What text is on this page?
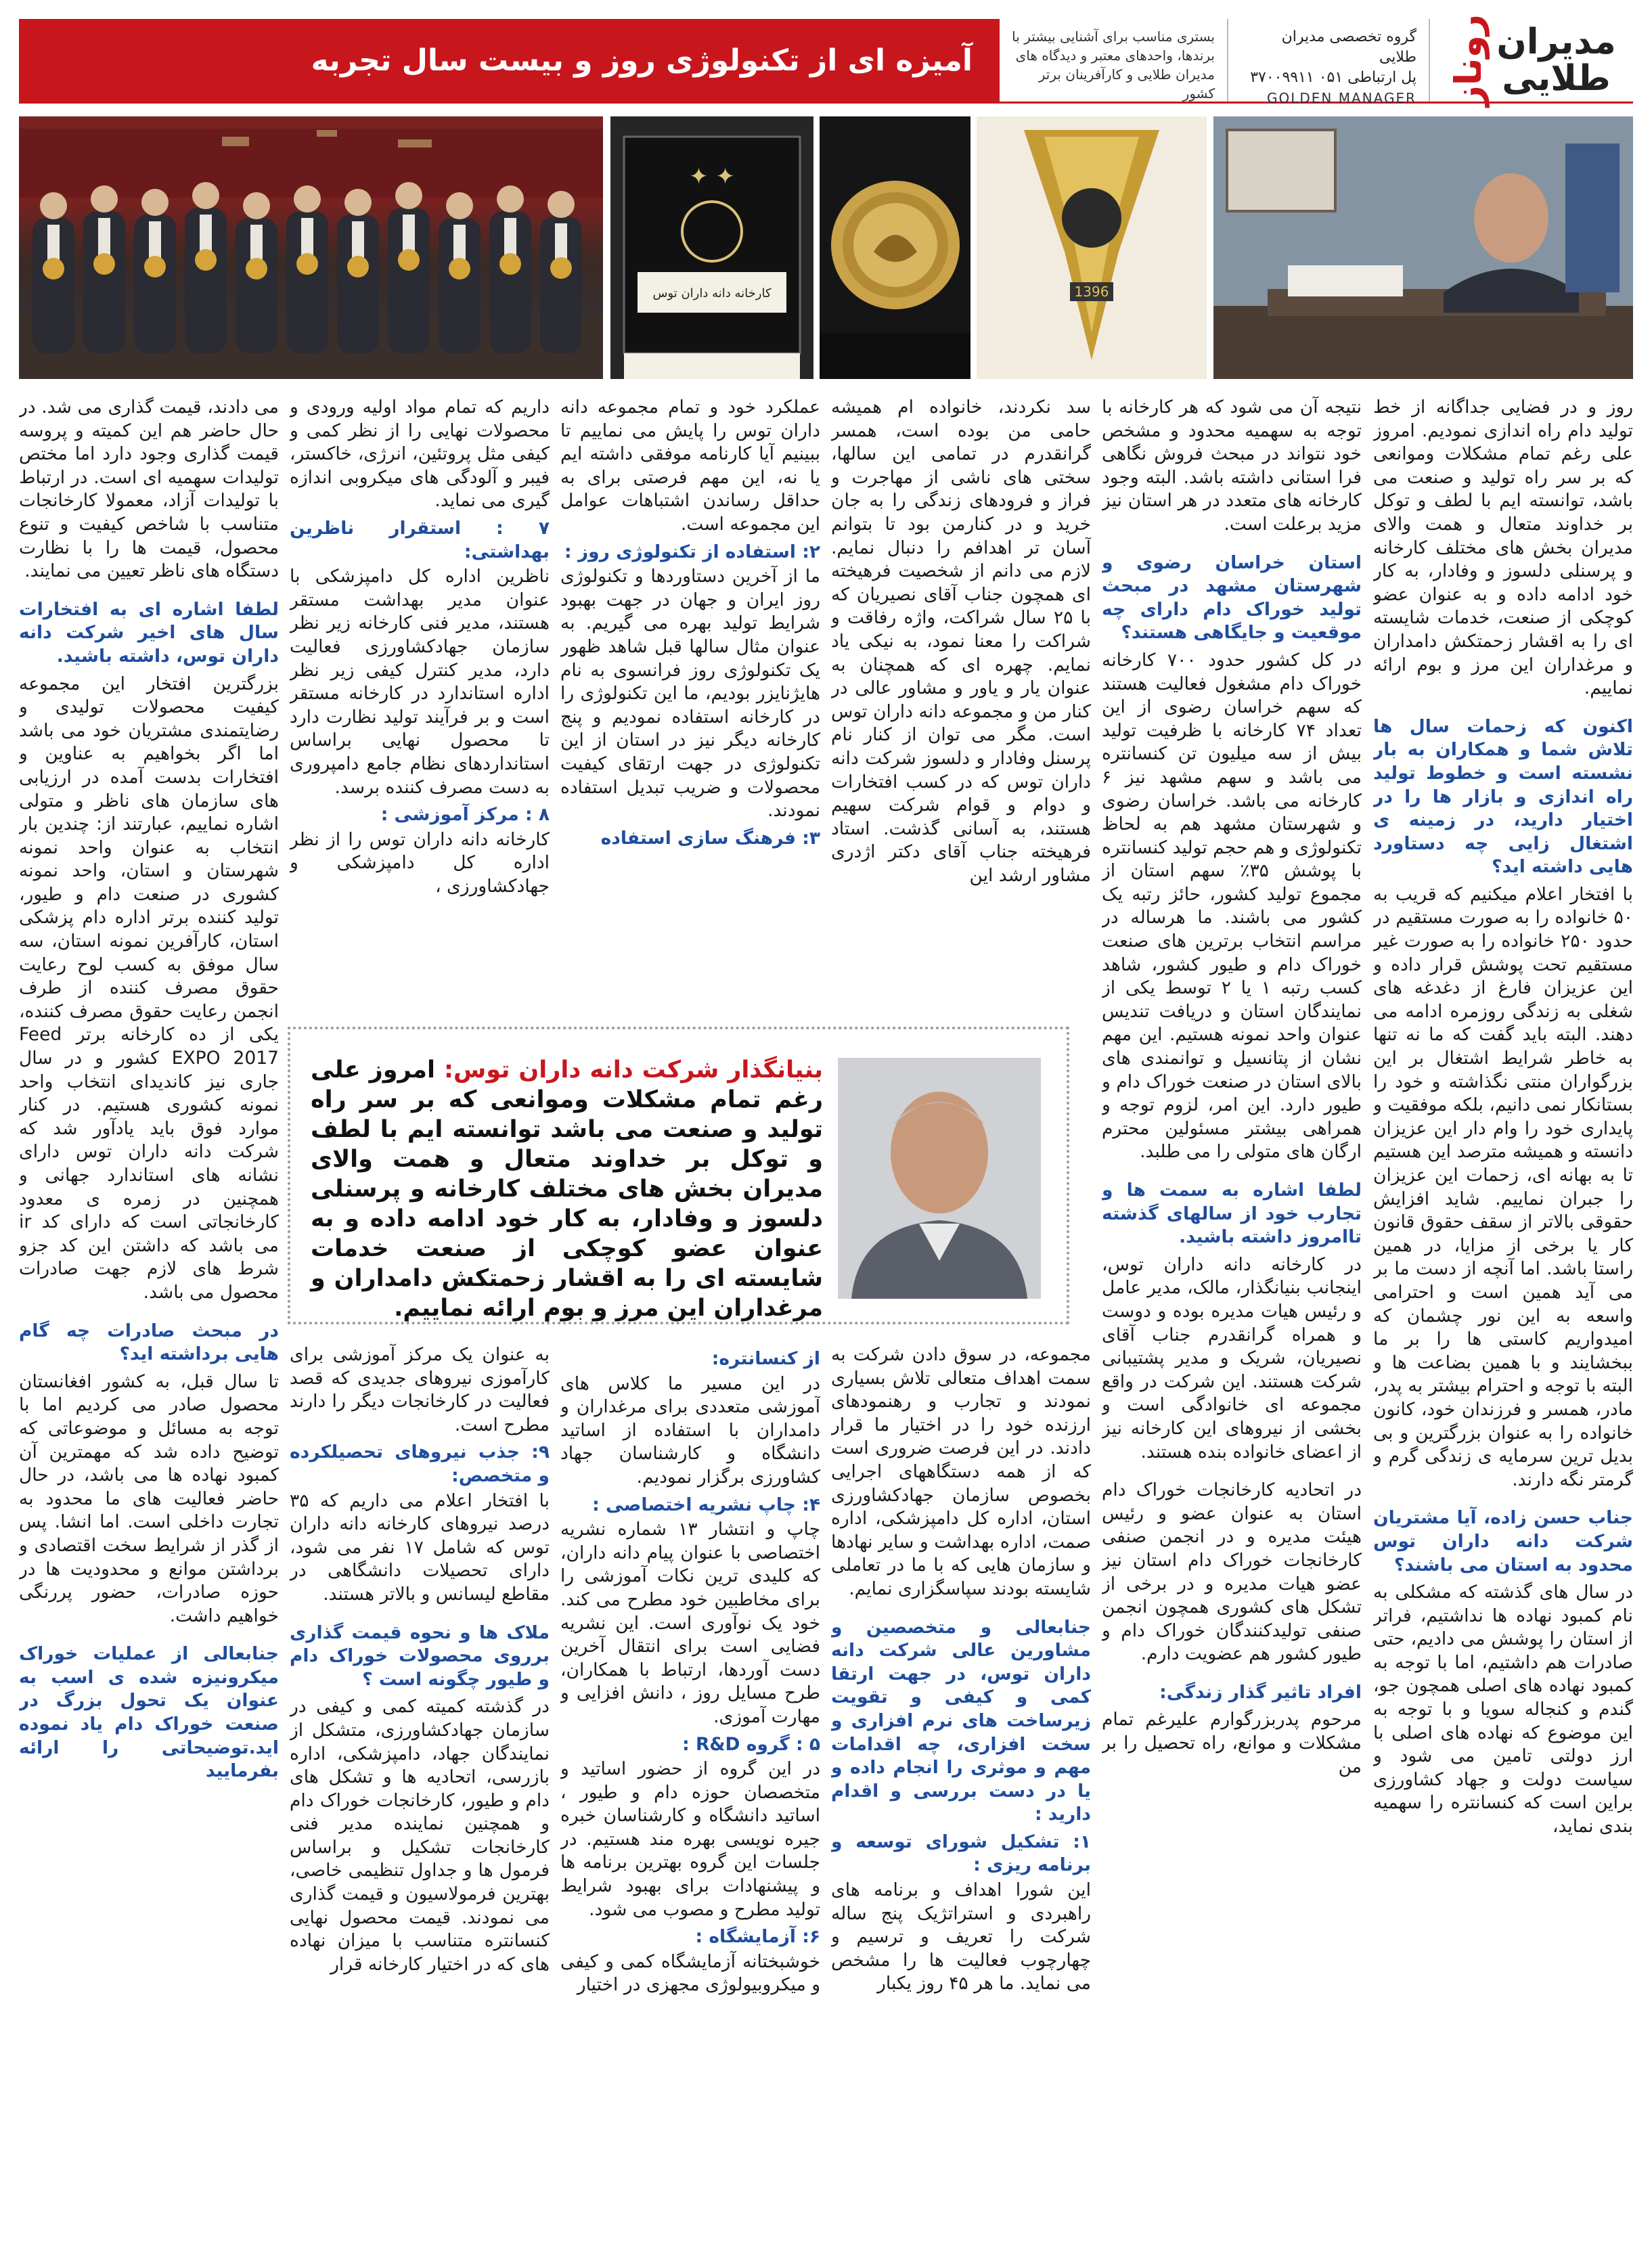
روناز مدیران
طلایی
گروه تخصصی مدیران طلایی
پل ارتباطی ۰۵۱ ۳۷۰۰۹۹۱۱
GOLDEN MANAGER
بستری مناسب برای آشنایی بیشتر با
برندها، واحدهای معتبر و دیدگاه های
مدیران طلایی و کارآفرینان برتر کشور
آمیزه ای از تکنولوژی روز و بیست سال تجربه
✦ ✦
کارخانه دانه داران توس	1396

روز و در فضایی جداگانه از خط تولید دام راه اندازی نمودیم. امروز علی رغم تمام مشکلات وموانعی که بر سر راه تولید و صنعت می باشد، توانسته ایم با لطف و توکل بر خداوند متعال و همت والای مدیران بخش های مختلف کارخانه و پرسنلی دلسوز و وفادار، به کار خود ادامه داده و به عنوان عضو کوچکی از صنعت، خدمات شایسته ای را به اقشار زحمتکش دامداران و مرغداران این مرز و بوم ارائه نماییم.

اکنون که زحمات سال ها تلاش شما و همکاران به بار نشسته است و خطوط تولید راه اندازی و بازار ها را در اختیار دارید، در زمینه ی اشتغال زایی چه دستاورد هایی داشته اید؟

با افتخار اعلام میکنیم که قریب به ۵۰ خانواده را به صورت مستقیم در حدود ۲۵۰ خانواده را به صورت غیر مستقیم تحت پوشش قرار داده و این عزیزان فارغ از دغدغه های شغلی به زندگی روزمره ادامه می دهند. البته باید گفت که ما نه تنها به خاطر شرایط اشتغال بر این بزرگواران منتی نگذاشته و خود را بستانکار نمی دانیم، بلکه موفقیت و پایداری خود را وام دار این عزیزان دانسته و همیشه مترصد این هستیم تا به بهانه ای، زحمات این عزیزان را جبران نماییم. شاید افزایش حقوقی بالاتر از سقف حقوق قانون کار یا برخی از مزایا، در همین راستا باشد. اما آنچه از دست ما بر می آید همین است و احترامی واسعه به این نور چشمان که امیدواریم کاستی ها را بر ما ببخشایند و با همین بضاعت ها و البته با توجه و احترام بیشتر به پدر، مادر، همسر و فرزندان خود، کانون خانواده را به عنوان بزرگترین و بی بدیل ترین سرمایه ی زندگی گرم و گرمتر نگه دارند.

جناب حسن زاده، آیا مشتریان شرکت دانه داران توس محدود به استان می باشند؟

در سال های گذشته که مشکلی به نام کمبود نهاده ها نداشتیم، فراتر از استان را پوشش می دادیم، حتی صادرات هم داشتیم، اما با توجه به کمبود نهاده های اصلی همچون جو، گندم و کنجاله سویا و با توجه به این موضوع که نهاده های اصلی با ارز دولتی تامین می شود و سیاست دولت و جهاد کشاورزی براین است که کنسانتره را سهمیه بندی نماید،

نتیجه آن می شود که هر کارخانه با توجه به سهمیه محدود و مشخص خود نتواند در مبحث فروش نگاهی فرا استانی داشته باشد. البته وجود کارخانه های متعدد در هر استان نیز مزید برعلت است.

استان خراسان رضوی و شهرستان مشهد در مبحث تولید خوراک دام دارای چه موقعیت و جایگاهی هستند؟

در کل کشور حدود ۷۰۰ کارخانه خوراک دام مشغول فعالیت هستند که سهم خراسان رضوی از این تعداد ۷۴ کارخانه با ظرفیت تولید بیش از سه میلیون تن کنسانتره می باشد و سهم مشهد نیز ۶ کارخانه می باشد. خراسان رضوی و شهرستان مشهد هم به لحاظ تکنولوژی و هم حجم تولید کنسانتره با پوشش ۳۵٪ سهم استان از مجموع تولید کشور، حائز رتبه یک کشور می باشند. ما هرساله در مراسم انتخاب برترین های صنعت خوراک دام و طیور کشور، شاهد کسب رتبه ۱ یا ۲ توسط یکی از نمایندگان استان و دریافت تندیس عنوان واحد نمونه هستیم. این مهم نشان از پتانسیل و توانمندی های بالای استان در صنعت خوراک دام و طیور دارد. این امر، لزوم توجه و همراهی بیشتر مسئولین محترم ارگان های متولی را می طلبد.

لطفا اشاره به سمت ها و تجارب خود از سالهای گذشته تاامروز داشته باشید.

در کارخانه دانه داران توس، اینجانب بنیانگذار، مالک، مدیر عامل و رئیس هیات مدیره بوده و دوست و همراه گرانقدرم جناب آقای نصیریان، شریک و مدیر پشتیبانی شرکت هستند. این شرکت در واقع مجموعه ای خانوادگی است و بخشی از نیروهای این کارخانه نیز از اعضای خانواده بنده هستند.

در اتحادیه کارخانجات خوراک دام استان به عنوان عضو و رئیس هیئت مدیره و در انجمن صنفی کارخانجات خوراک دام استان نیز عضو هیات مدیره و در برخی از تشکل های کشوری همچون انجمن صنفی تولیدکنندگان خوراک دام و طیور کشور هم عضویت دارم.

افراد تاثیر گذار زندگی:

مرحوم پدربزرگوارم علیرغم تمام مشکلات و موانع، راه تحصیل را بر من

سد نکردند، خانواده ام همیشه حامی من بوده است، همسر گرانقدرم در تمامی این سالها، سختی های ناشی از مهاجرت و فراز و فرودهای زندگی را به جان خرید و در کنارمن بود تا بتوانم آسان تر اهدافم را دنبال نمایم. لازم می دانم از شخصیت فرهیخته ای همچون جناب آقای نصیریان که با ۲۵ سال شراکت، واژه رفاقت و شراکت را معنا نمود، به نیکی یاد نمایم. چهره ای که همچنان به عنوان یار و یاور و مشاور عالی در کنار من و مجموعه دانه داران توس است. مگر می توان از کنار نام پرسنل وفادار و دلسوز شرکت دانه داران توس که در کسب افتخارات و دوام و قوام شرکت سهیم هستند، به آسانی گذشت. استاد فرهیخته جناب آقای دکتر اژدری مشاور ارشد این

مجموعه، در سوق دادن شرکت به سمت اهداف متعالی تلاش بسیاری نمودند و تجارب و رهنمودهای ارزنده خود را در اختیار ما قرار دادند. در این فرصت ضروری است که از همه دستگاههای اجرایی بخصوص سازمان جهادکشاورزی استان، اداره کل دامپزشکی، اداره صمت، اداره بهداشت و سایر نهادها و سازمان هایی که با ما در تعاملی شایسته بودند سپاسگزاری نمایم.

جنابعالی و متخصصین و مشاورین عالی شرکت دانه داران توس، در جهت ارتقا کمی و کیفی و تقویت زیرساخت های نرم افزاری و سخت افزاری، چه اقدامات مهم و موثری را انجام داده و یا در دست بررسی و اقدام دارید :

۱: تشکیل شورای توسعه و برنامه ریزی :

این شورا اهداف و برنامه های راهبردی و استراتژیک پنج ساله شرکت را تعریف و ترسیم و چهارچوب فعالیت ها را مشخص می نماید. ما هر ۴۵ روز یکبار

عملکرد خود و تمام مجموعه دانه داران توس را پایش می نماییم تا ببینیم آیا کارنامه موفقی داشته ایم یا نه، این مهم فرصتی برای به حداقل رساندن اشتباهات عوامل این مجموعه است.

۲: استفاده از تکنولوژی روز :

ما از آخرین دستاوردها و تکنولوژی روز ایران و جهان در جهت بهبود شرایط تولید بهره می گیریم. به عنوان مثال سالها قبل شاهد ظهور یک تکنولوژی روز فرانسوی به نام هایژنایزر بودیم، ما این تکنولوژی را در کارخانه استفاده نمودیم و پنج کارخانه دیگر نیز در استان از این تکنولوژی در جهت ارتقای کیفیت محصولات و ضریب تبدیل استفاده نمودند.

۳: فرهنگ سازی استفاده

از کنسانتره:

در این مسیر ما کلاس های آموزشی متعددی برای مرغداران و دامداران با استفاده از اساتید دانشگاه و کارشناسان جهاد کشاورزی برگزار نمودیم.

۴: چاپ نشریه اختصاصی :

چاپ و انتشار ۱۳ شماره نشریه اختصاصی با عنوان پیام دانه داران، که کلیدی ترین نکات آموزشی را برای مخاطبین خود مطرح می کند. خود یک نوآوری است. این نشریه فضایی است برای انتقال آخرین دست آوردها، ارتباط با همکاران، طرح مسایل روز ، دانش افزایی و مهارت آموزی.

۵ : گروه R&D :

در این گروه از حضور اساتید و متخصصان حوزه دام و طیور ، اساتید دانشگاه و کارشناسان خبره جیره نویسی بهره مند هستیم. در جلسات این گروه بهترین برنامه ها و پیشنهادات برای بهبود شرایط تولید مطرح و مصوب می شود.

۶: آزمایشگاه :

خوشبختانه آزمایشگاه کمی و کیفی و میکروبیولوژی مجهزی در اختیار

داریم که تمام مواد اولیه ورودی و محصولات نهایی را از نظر کمی و کیفی مثل پروتئین، انرژی، خاکستر، فیبر و آلودگی های میکروبی اندازه گیری می نماید.

۷ : استقرار ناظرین بهداشتی:

ناظرین اداره کل دامپزشکی با عنوان مدیر بهداشت مستقر هستند، مدیر فنی کارخانه زیر نظر سازمان جهادکشاورزی فعالیت دارد، مدیر کنترل کیفی زیر نظر اداره استاندارد در کارخانه مستقر است و بر فرآیند تولید نظارت دارد تا محصول نهایی براساس استانداردهای نظام جامع دامپروری به دست مصرف کننده برسد.

۸ : مرکز آموزشی :

کارخانه دانه داران توس را از نظر اداره کل دامپزشکی و جهادکشاورزی ،

به عنوان یک مرکز آموزشی برای کارآموزی نیروهای جدیدی که قصد فعالیت در کارخانجات دیگر را دارند مطرح است.

۹: جذب نیروهای تحصیلکرده و متخصص:

با افتخار اعلام می داریم که ۳۵ درصد نیروهای کارخانه دانه داران توس که شامل ۱۷ نفر می شود، دارای تحصیلات دانشگاهی در مقاطع لیسانس و بالاتر هستند.

ملاک ها و نحوه قیمت گذاری برروی محصولات خوراک دام و طیور چگونه است ؟

در گذشته کمیته کمی و کیفی در سازمان جهادکشاورزی، متشکل از نمایندگان جهاد، دامپزشکی، اداره بازرسی، اتحادیه ها و تشکل های دام و طیور، کارخانجات خوراک دام و همچنین نماینده مدیر فنی کارخانجات تشکیل و براساس فرمول ها و جداول تنظیمی خاصی، بهترین فرمولاسیون و قیمت گذاری می نمودند. قیمت محصول نهایی کنسانتره متناسب با میزان نهاده های که در اختیار کارخانه قرار

می دادند، قیمت گذاری می شد. در حال حاضر هم این کمیته و پروسه قیمت گذاری وجود دارد اما مختص تولیدات سهمیه ای است. در ارتباط با تولیدات آزاد، معمولا کارخانجات متناسب با شاخص کیفیت و تنوع محصول، قیمت ها را با نظارت دستگاه های ناظر تعیین می نمایند.

لطفا اشاره ای به افتخارات سال های اخیر شرکت دانه داران توس، داشته باشید.

بزرگترین افتخار این مجموعه کیفیت محصولات تولیدی و رضایتمندی مشتریان خود می باشد اما اگر بخواهیم به عناوین و افتخارات بدست آمده در ارزیابی های سازمان های ناظر و متولی اشاره نماییم، عبارتند از: چندین بار انتخاب به عنوان واحد نمونه شهرستان و استان، واحد نمونه کشوری در صنعت دام و طیور، تولید کننده برتر اداره دام پزشکی استان، کارآفرین نمونه استان، سه سال موفق به کسب لوح رعایت حقوق مصرف کننده از طرف انجمن رعایت حقوق مصرف کننده، یکی از ده کارخانه برتر Feed EXPO 2017 کشور و در سال جاری نیز کاندیدای انتخاب واحد نمونه کشوری هستیم. در کنار موارد فوق باید یادآور شد که شرکت دانه داران توس دارای نشانه های استاندارد جهانی و همچنین در زمره ی معدود کارخانجاتی است که دارای کد ir می باشد که داشتن این کد جزو شرط های لازم جهت صادرات محصول می باشد.

در مبحث صادرات چه گام هایی برداشته اید؟

تا سال قبل، به کشور افغانستان محصول صادر می کردیم اما با توجه به مسائل و موضوعاتی که توضیح داده شد که مهمترین آن کمبود نهاده ها می باشد، در حال حاضر فعالیت های ما محدود به تجارت داخلی است. اما انشا. پس از گذر از شرایط سخت اقتصادی و برداشتن موانع و محدودیت ها در حوزه صادرات، حضور پررنگی خواهیم داشت.

جنابعالی از عملیات خوراک میکرونیزه شده ی اسب به عنوان یک تحول بزرگ در صنعت خوراک دام یاد نموده اید.توضیحاتی را ارائه بفرمایید

بنیانگذار شرکت دانه داران توس: امروز علی رغم تمام مشکلات وموانعی که بر سر راه تولید و صنعت می باشد توانسته ایم با لطف و توکل بر خداوند متعال و همت والای مدیران بخش های مختلف کارخانه و پرسنلی دلسوز و وفادار، به کار خود ادامه داده و به عنوان عضو کوچکی از صنعت خدمات شایسته ای را به اقشار زحمتکش دامداران و مرغداران این مرز و بوم ارائه نماییم.
